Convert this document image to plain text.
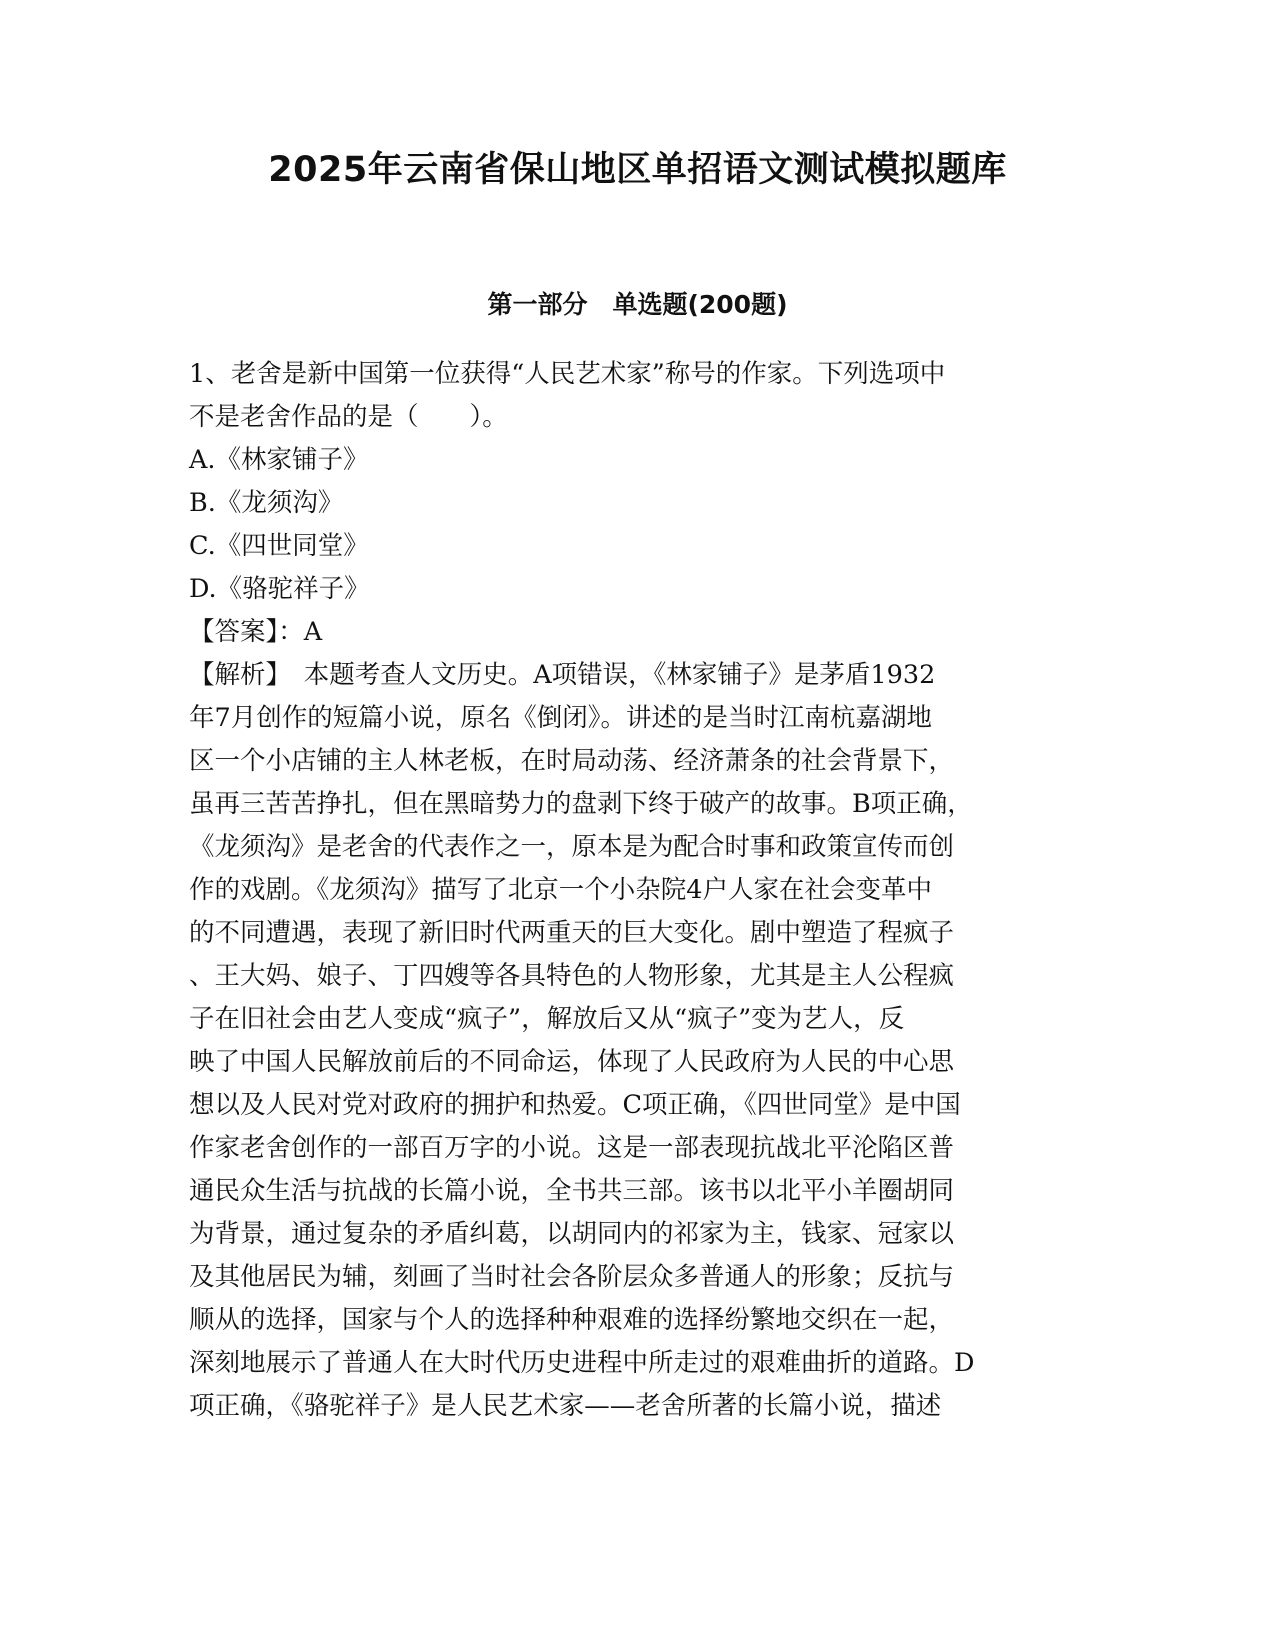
2025年云南省保山地区单招语文测试模拟题库
第一部分　单选题(200题)
1、老舍是新中国第一位获得“人民艺术家”称号的作家。下列选项中
不是老舍作品的是（　　）。
A.《林家铺子》
B.《龙须沟》
C.《四世同堂》
D.《骆驼祥子》
【答案】：A
【解析】　本题考查人文历史。A项错误，《林家铺子》是茅盾1932
年7月创作的短篇小说，原名《倒闭》。讲述的是当时江南杭嘉湖地
区一个小店铺的主人林老板，在时局动荡、经济萧条的社会背景下，
虽再三苦苦挣扎，但在黑暗势力的盘剥下终于破产的故事。B项正确，
《龙须沟》是老舍的代表作之一，原本是为配合时事和政策宣传而创
作的戏剧。《龙须沟》描写了北京一个小杂院4户人家在社会变革中
的不同遭遇，表现了新旧时代两重天的巨大变化。剧中塑造了程疯子
、王大妈、娘子、丁四嫂等各具特色的人物形象，尤其是主人公程疯
子在旧社会由艺人变成“疯子”，解放后又从“疯子”变为艺人，反
映了中国人民解放前后的不同命运，体现了人民政府为人民的中心思
想以及人民对党对政府的拥护和热爱。C项正确，《四世同堂》是中国
作家老舍创作的一部百万字的小说。这是一部表现抗战北平沦陷区普
通民众生活与抗战的长篇小说，全书共三部。该书以北平小羊圈胡同
为背景，通过复杂的矛盾纠葛，以胡同内的祁家为主，钱家、冠家以
及其他居民为辅，刻画了当时社会各阶层众多普通人的形象；反抗与
顺从的选择，国家与个人的选择种种艰难的选择纷繁地交织在一起，
深刻地展示了普通人在大时代历史进程中所走过的艰难曲折的道路。D
项正确，《骆驼祥子》是人民艺术家——老舍所著的长篇小说，描述
